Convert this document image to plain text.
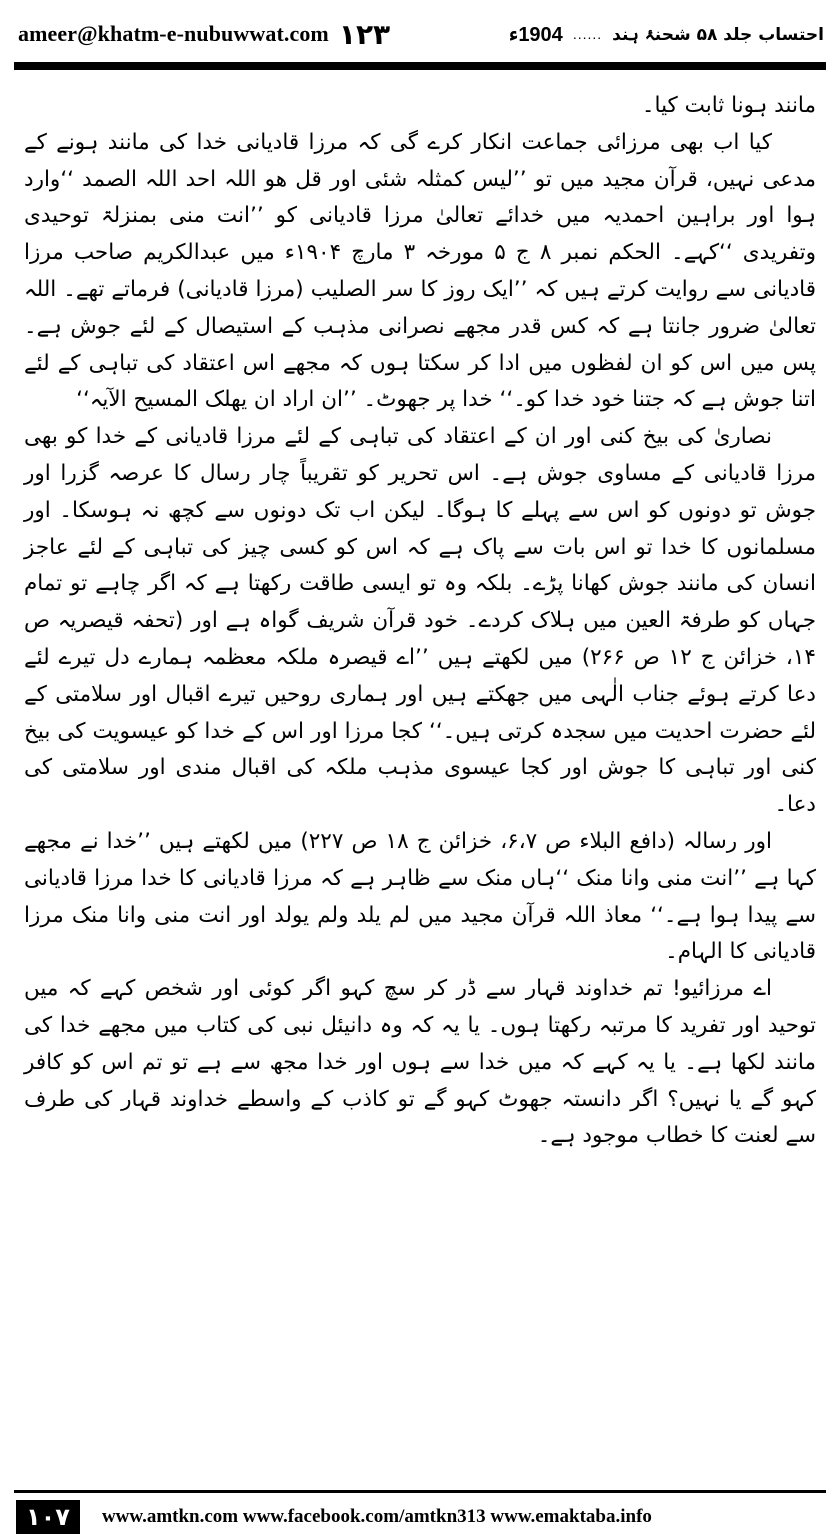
ameer@khatm-e-nubuwwat.com ۱۲۳	احتساب جلد ۵۸ شحنۂ ہند
......
1904ء

مانند ہونا ثابت کیا۔

کیا اب بھی مرزائی جماعت انکار کرے گی کہ مرزا قادیانی خدا کی مانند ہونے کے مدعی نہیں، قرآن مجید میں تو ’’لیس کمثلہ شئی اور قل ھو اللہ احد اللہ الصمد ‘‘وارد ہوا اور براہین احمدیہ میں خدائے تعالیٰ مرزا قادیانی کو ’’انت منی بمنزلۃ توحیدی وتفریدی ‘‘کہے۔ الحکم نمبر ۸ ج ۵ مورخہ ۳ مارچ ۱۹۰۴ء میں عبدالکریم صاحب مرزا قادیانی سے روایت کرتے ہیں کہ ’’ایک روز کا سر الصلیب (مرزا قادیانی) فرماتے تھے۔ اللہ تعالیٰ ضرور جانتا ہے کہ کس قدر مجھے نصرانی مذہب کے استیصال کے لئے جوش ہے۔ پس میں اس کو ان لفظوں میں ادا کر سکتا ہوں کہ مجھے اس اعتقاد کی تباہی کے لئے اتنا جوش ہے کہ جتنا خود خدا کو۔‘‘ خدا پر جھوٹ۔ ’’ان اراد ان یھلک المسیح الآیہ‘‘

نصاریٰ کی بیخ کنی اور ان کے اعتقاد کی تباہی کے لئے مرزا قادیانی کے خدا کو بھی مرزا قادیانی کے مساوی جوش ہے۔ اس تحریر کو تقریباً چار رسال کا عرصہ گزرا اور جوش تو دونوں کو اس سے پہلے کا ہوگا۔ لیکن اب تک دونوں سے کچھ نہ ہوسکا۔ اور مسلمانوں کا خدا تو اس بات سے پاک ہے کہ اس کو کسی چیز کی تباہی کے لئے عاجز انسان کی مانند جوش کھانا پڑے۔ بلکہ وہ تو ایسی طاقت رکھتا ہے کہ اگر چاہے تو تمام جہاں کو طرفۃ العین میں ہلاک کردے۔ خود قرآن شریف گواہ ہے اور (تحفہ قیصریہ ص ۱۴، خزائن ج ۱۲ ص ۲۶۶) میں لکھتے ہیں ’’اے قیصرہ ملکہ معظمہ ہمارے دل تیرے لئے دعا کرتے ہوئے جناب الٰہی میں جھکتے ہیں اور ہماری روحیں تیرے اقبال اور سلامتی کے لئے حضرت احدیت میں سجدہ کرتی ہیں۔‘‘ کجا مرزا اور اس کے خدا کو عیسویت کی بیخ کنی اور تباہی کا جوش اور کجا عیسوی مذہب ملکہ کی اقبال مندی اور سلامتی کی دعا۔

اور رسالہ (دافع البلاء ص ۶،۷، خزائن ج ۱۸ ص ۲۲۷) میں لکھتے ہیں ’’خدا نے مجھے کہا ہے ’’انت منی وانا منک ‘‘ہاں منک سے ظاہر ہے کہ مرزا قادیانی کا خدا مرزا قادیانی سے پیدا ہوا ہے۔‘‘ معاذ اللہ قرآن مجید میں لم یلد ولم یولد اور انت منی وانا منک مرزا قادیانی کا الہام۔

اے مرزائیو! تم خداوند قہار سے ڈر کر سچ کہو اگر کوئی اور شخص کہے کہ میں توحید اور تفرید کا مرتبہ رکھتا ہوں۔ یا یہ کہ وہ دانیئل نبی کی کتاب میں مجھے خدا کی مانند لکھا ہے۔ یا یہ کہے کہ میں خدا سے ہوں اور خدا مجھ سے ہے تو تم اس کو کافر کہو گے یا نہیں؟ اگر دانستہ جھوٹ کہو گے تو کاذب کے واسطے خداوند قہار کی طرف سے لعنت کا خطاب موجود ہے۔

۱۰۷	www.amtkn.com www.facebook.com/amtkn313 www.emaktaba.info
